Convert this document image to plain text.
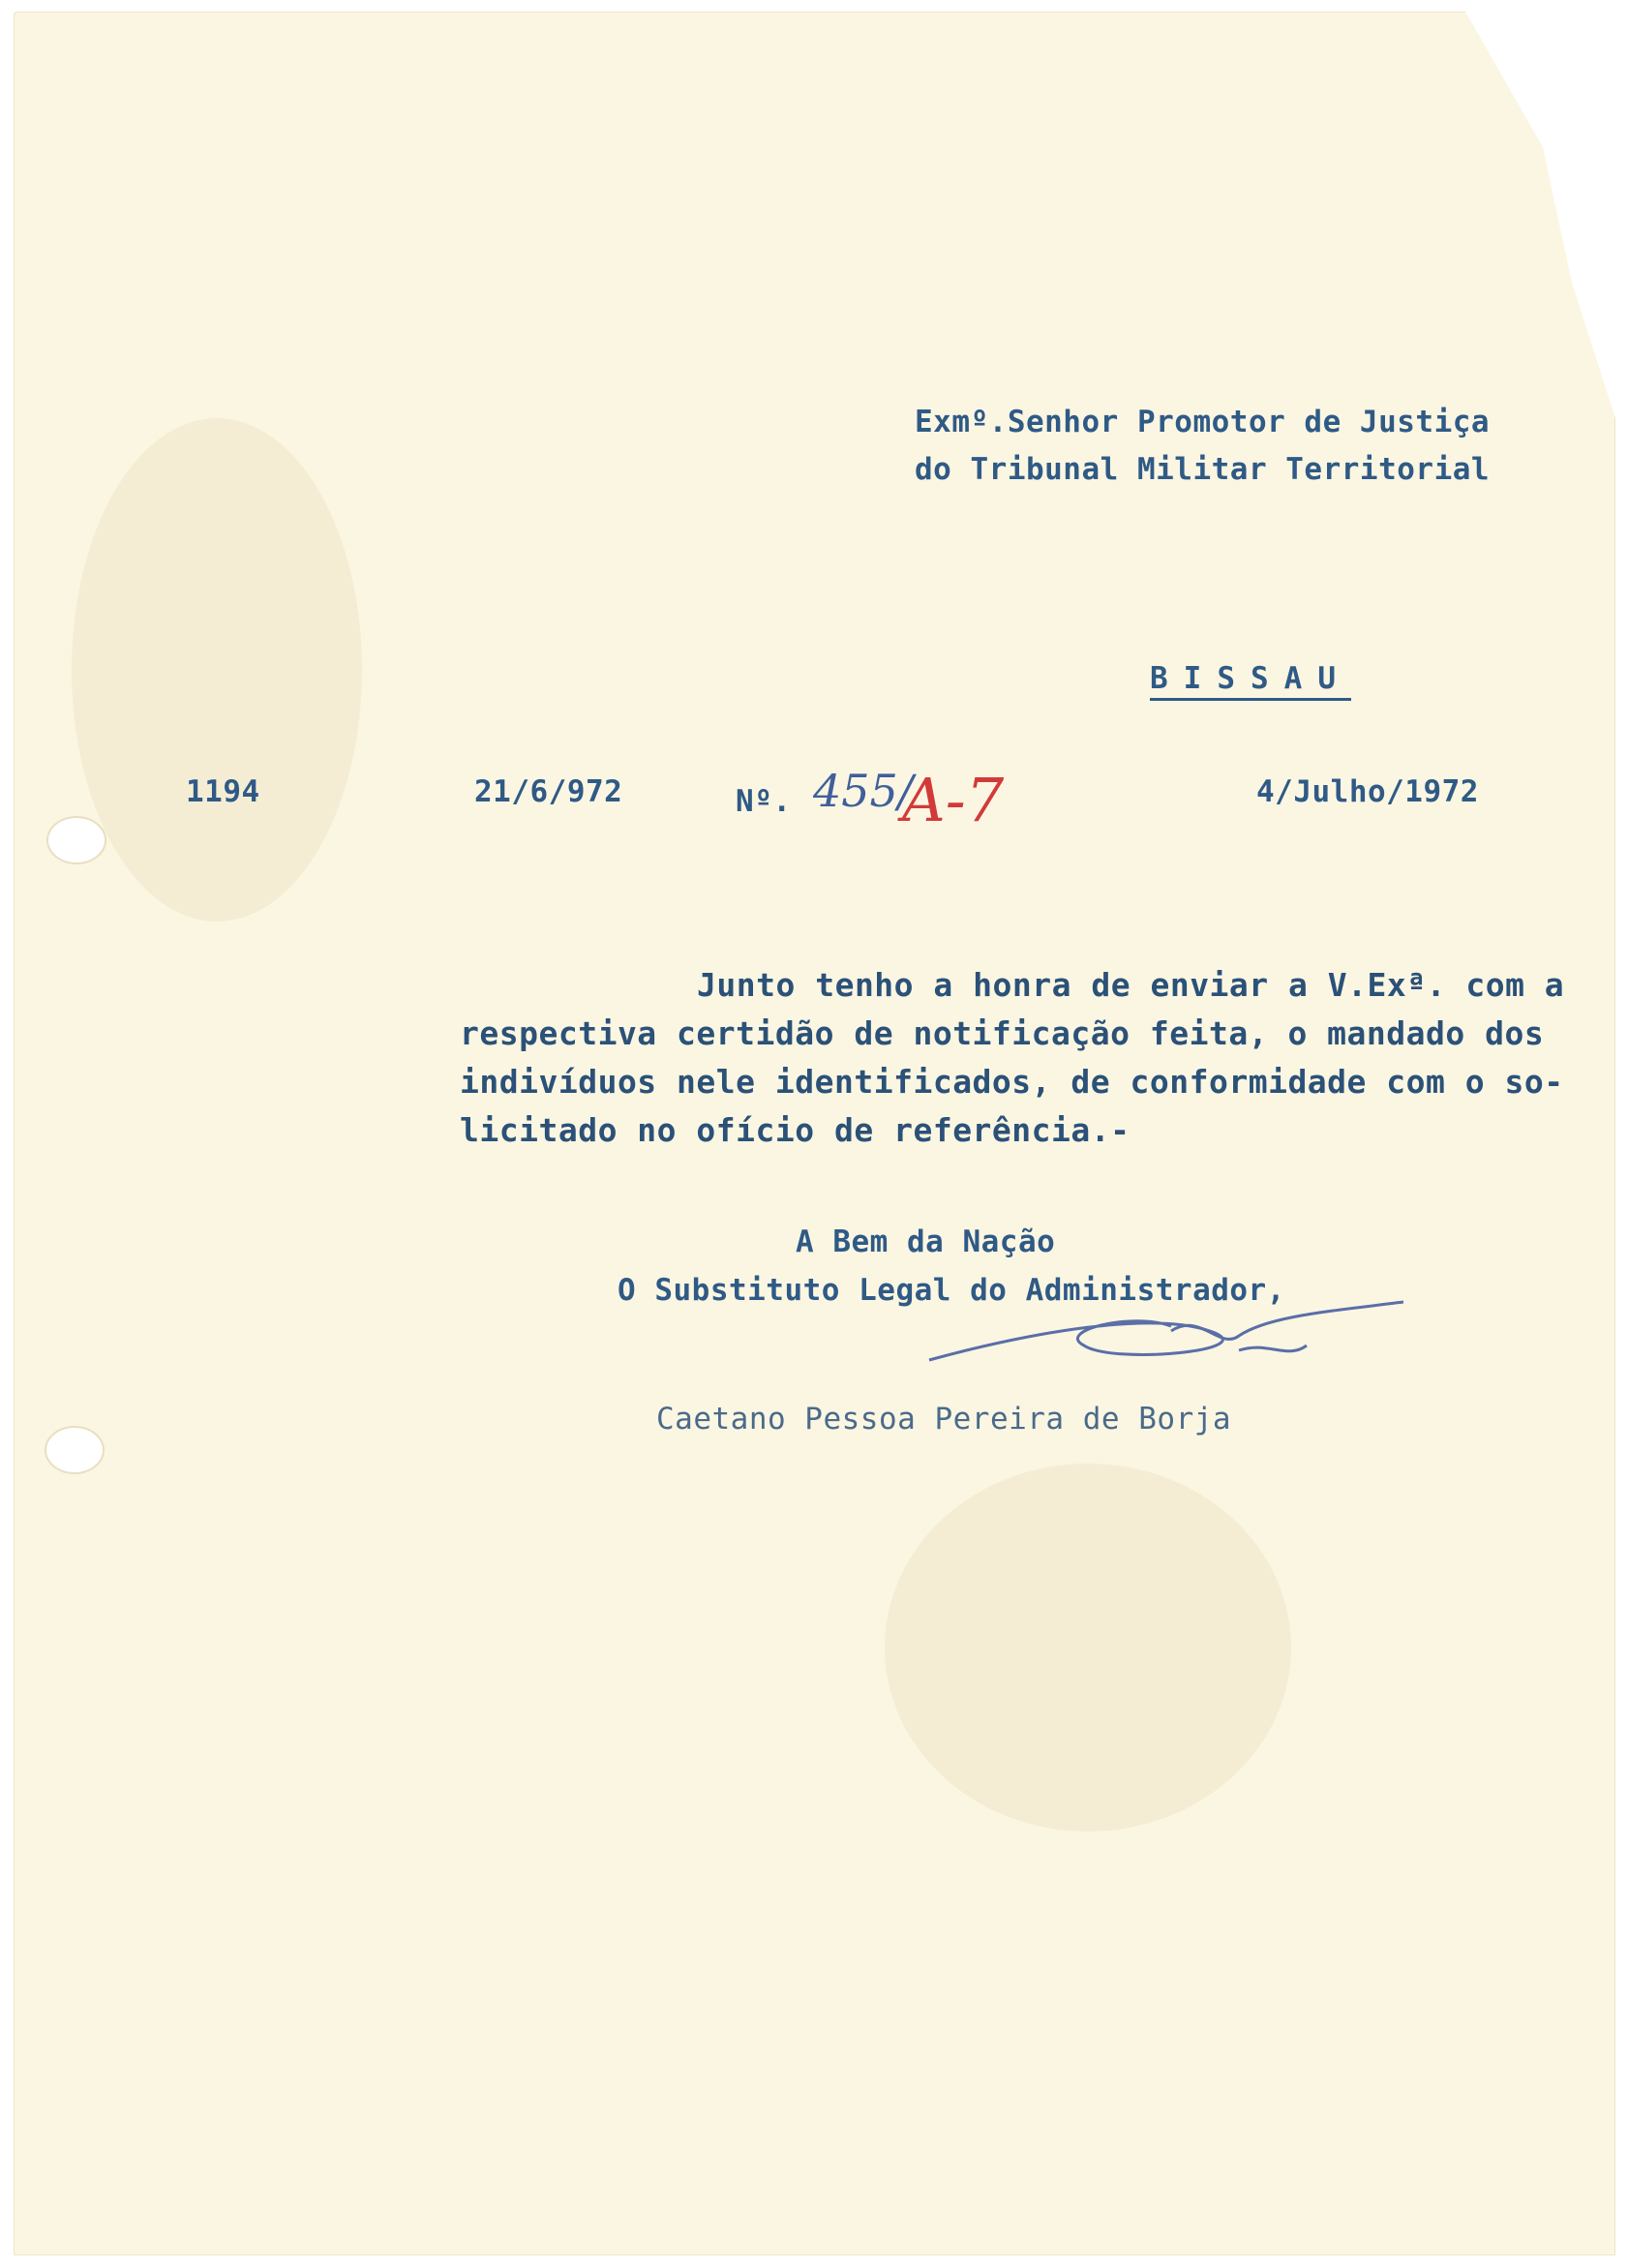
Exmº.Senhor Promotor de Justiça
do Tribunal Militar Territorial
BISSAU
1194	21/6/972	Nº. 455/
A-7	4/Julho/1972
Junto tenho a honra de enviar a V.Exª. com a
respectiva certidão de notificação feita, o mandado dos
indivíduos nele identificados, de conformidade com o so-
licitado no ofício de referência.-
A Bem da Nação
O Substituto Legal do Administrador,
Caetano Pessoa Pereira de Borja
